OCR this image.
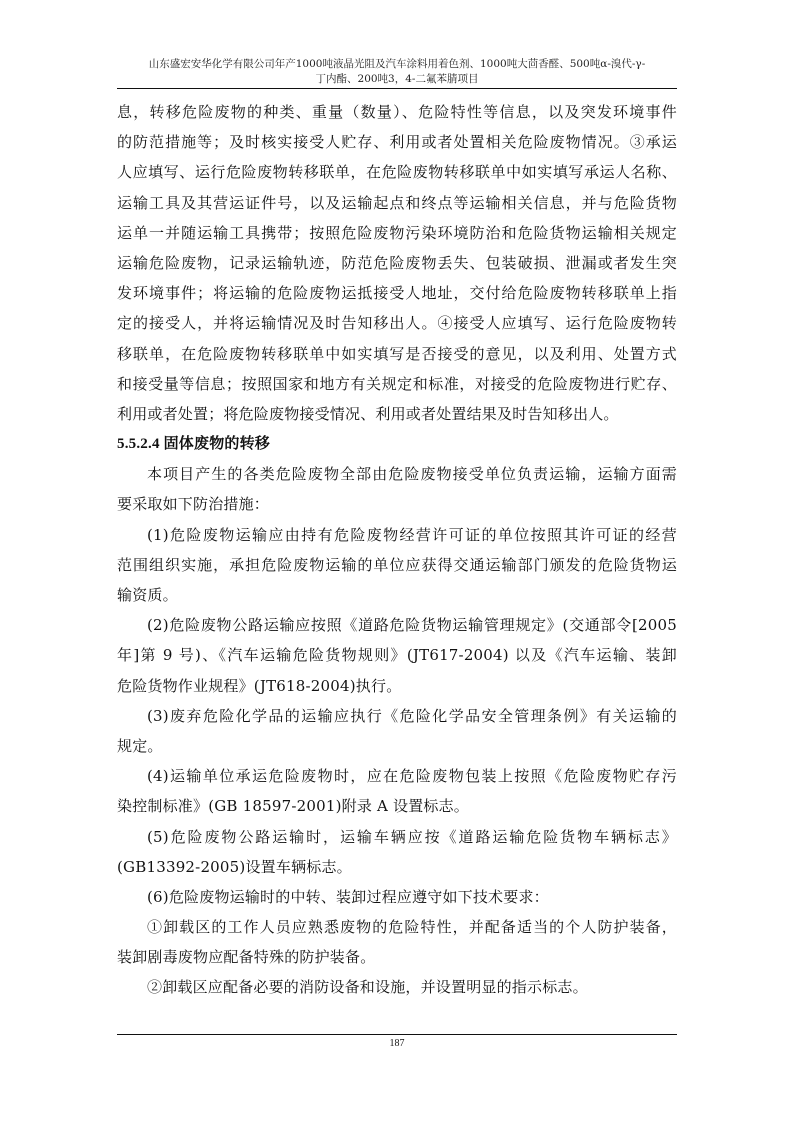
山东盛宏安华化学有限公司年产1000吨液晶光阻及汽车涂料用着色剂、1000吨大茴香醛、500吨α-溴代-γ-
丁内酯、200吨3，4-二氟苯腈项目
息，转移危险废物的种类、重量（数量）、危险特性等信息，以及突发环境事件
的防范措施等；及时核实接受人贮存、利用或者处置相关危险废物情况。③承运
人应填写、运行危险废物转移联单，在危险废物转移联单中如实填写承运人名称、
运输工具及其营运证件号，以及运输起点和终点等运输相关信息，并与危险货物
运单一并随运输工具携带；按照危险废物污染环境防治和危险货物运输相关规定
运输危险废物，记录运输轨迹，防范危险废物丢失、包装破损、泄漏或者发生突
发环境事件；将运输的危险废物运抵接受人地址，交付给危险废物转移联单上指
定的接受人，并将运输情况及时告知移出人。④接受人应填写、运行危险废物转
移联单，在危险废物转移联单中如实填写是否接受的意见，以及利用、处置方式
和接受量等信息；按照国家和地方有关规定和标准，对接受的危险废物进行贮存、
利用或者处置；将危险废物接受情况、利用或者处置结果及时告知移出人。
5.5.2.4 固体废物的转移
本项目产生的各类危险废物全部由危险废物接受单位负责运输，运输方面需
要采取如下防治措施：
(1)危险废物运输应由持有危险废物经营许可证的单位按照其许可证的经营
范围组织实施，承担危险废物运输的单位应获得交通运输部门颁发的危险货物运
输资质。
(2)危险废物公路运输应按照《道路危险货物运输管理规定》(交通部令[2005
年]第 9 号)、《汽车运输危险货物规则》(JT617-2004) 以及《汽车运输、装卸
危险货物作业规程》(JT618-2004)执行。
(3)废弃危险化学品的运输应执行《危险化学品安全管理条例》有关运输的
规定。
(4)运输单位承运危险废物时，应在危险废物包装上按照《危险废物贮存污
染控制标准》(GB 18597-2001)附录 A 设置标志。
(5)危险废物公路运输时，运输车辆应按《道路运输危险货物车辆标志》
(GB13392-2005)设置车辆标志。
(6)危险废物运输时的中转、装卸过程应遵守如下技术要求：
①卸载区的工作人员应熟悉废物的危险特性，并配备适当的个人防护装备，
装卸剧毒废物应配备特殊的防护装备。
②卸载区应配备必要的消防设备和设施，并设置明显的指示标志。
187
